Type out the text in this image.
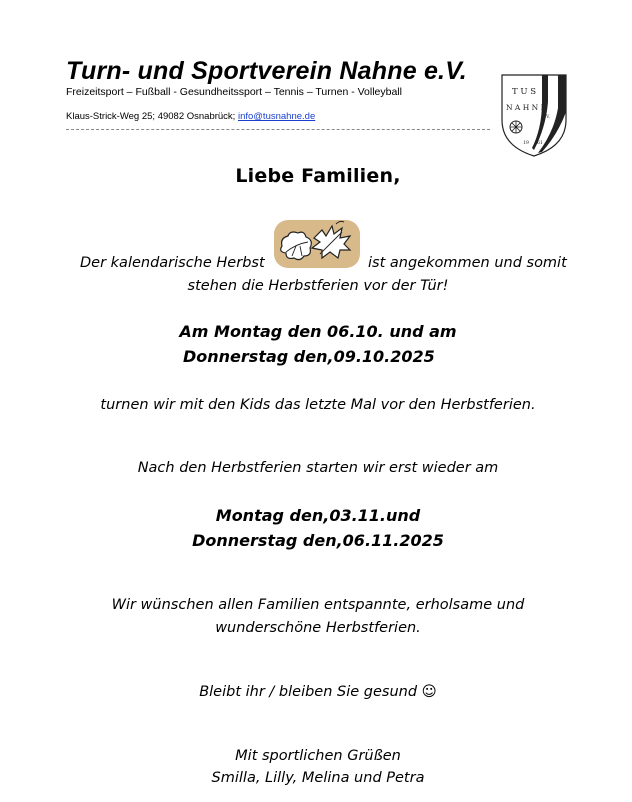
Turn- und Sportverein Nahne e.V.
Freizeitsport – Fußball - Gesundheitssport – Tennis – Turnen - Volleyball
Klaus-Strick-Weg 25; 49082 Osnabrück; info@tusnahne.de
T U S
N A H N E
e.V.
19 61
Liebe Familien,
Der kalendarische Herbst	ist angekommen und somit
stehen die Herbstferien vor der Tür!
Am Montag den 06.10. und am
Donnerstag den,09.10.2025
turnen wir mit den Kids das letzte Mal vor den Herbstferien.
Nach den Herbstferien starten wir erst wieder am
Montag den,03.11.und
Donnerstag den,06.11.2025
Wir wünschen allen Familien entspannte, erholsame und
wunderschöne Herbstferien.
Bleibt ihr / bleiben Sie gesund ☺
Mit sportlichen Grüßen
Smilla, Lilly, Melina und Petra
